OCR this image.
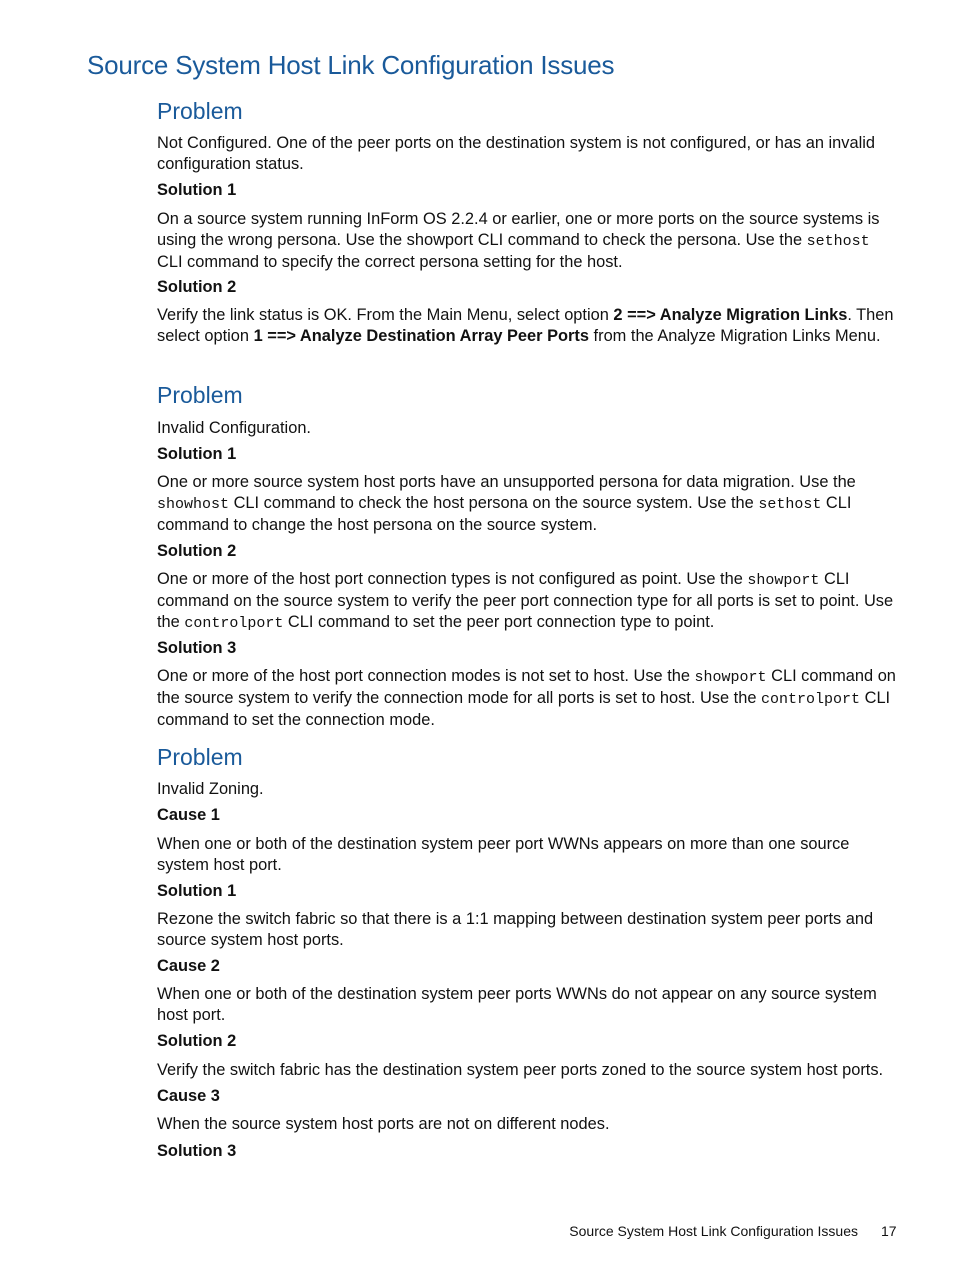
Source System Host Link Configuration Issues
Problem

Not Configured. One of the peer ports on the destination system is not configured, or has an invalid configuration status.

Solution 1

On a source system running InForm OS 2.2.4 or earlier, one or more ports on the source systems is using the wrong persona. Use the showport CLI command to check the persona. Use the sethost CLI command to specify the correct persona setting for the host.

Solution 2

Verify the link status is OK. From the Main Menu, select option 2 ==> Analyze Migration Links. Then select option 1 ==> Analyze Destination Array Peer Ports from the Analyze Migration Links Menu.

Problem

Invalid Configuration.

Solution 1

One or more source system host ports have an unsupported persona for data migration. Use the showhost CLI command to check the host persona on the source system. Use the sethost CLI command to change the host persona on the source system.

Solution 2

One or more of the host port connection types is not configured as point. Use the showport CLI command on the source system to verify the peer port connection type for all ports is set to point. Use the controlport CLI command to set the peer port connection type to point.

Solution 3

One or more of the host port connection modes is not set to host. Use the showport CLI command on the source system to verify the connection mode for all ports is set to host. Use the controlport CLI command to set the connection mode.

Problem

Invalid Zoning.

Cause 1

When one or both of the destination system peer port WWNs appears on more than one source system host port.

Solution 1

Rezone the switch fabric so that there is a 1:1 mapping between destination system peer ports and source system host ports.

Cause 2

When one or both of the destination system peer ports WWNs do not appear on any source system host port.

Solution 2

Verify the switch fabric has the destination system peer ports zoned to the source system host ports.

Cause 3

When the source system host ports are not on different nodes.

Solution 3

Source System Host Link Configuration Issues 17
